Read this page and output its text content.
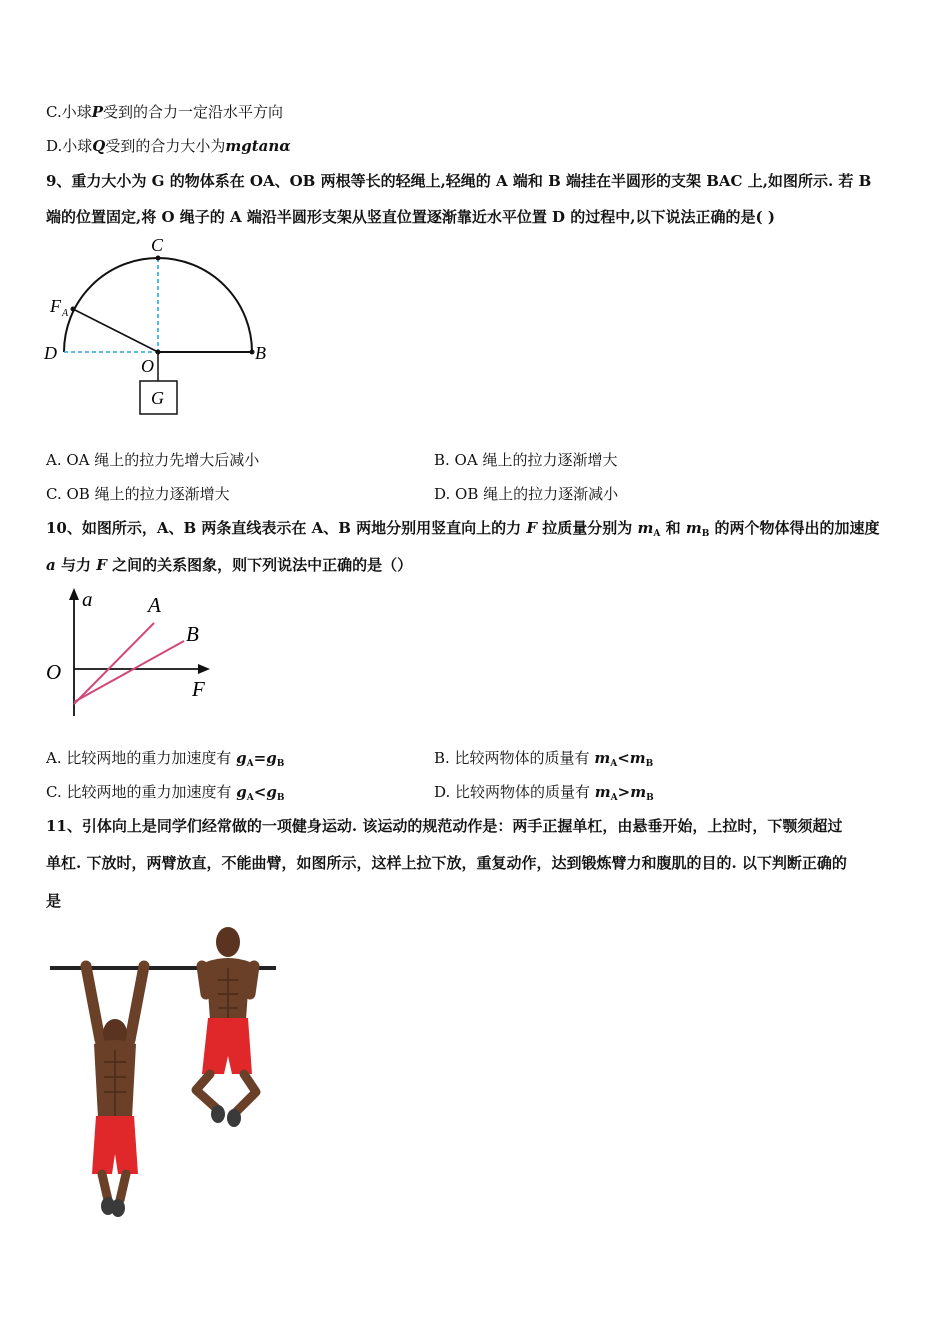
C.小球P受到的合力一定沿水平方向
D.小球Q受到的合力大小为mgtanα
9、重力大小为 G 的物体系在 OA、OB 两根等长的轻绳上,轻绳的 A 端和 B 端挂在半圆形的支架 BAC 上,如图所示. 若 B
端的位置固定,将 O 绳子的 A 端沿半圆形支架从竖直位置逐渐靠近水平位置 D 的过程中,以下说法正确的是( )
C
F A
D
O
B
G
A. OA 绳上的拉力先增大后减小	B. OA 绳上的拉力逐渐增大
C. OB 绳上的拉力逐渐增大	D. OB 绳上的拉力逐渐减小
10、如图所示，A、B 两条直线表示在 A、B 两地分别用竖直向上的力 F 拉质量分别为 $m_A$ 和 $m_B$ 的两个物体得出的加速度
a 与力 F 之间的关系图象，则下列说法中正确的是（）
a	A
B
O
F
A. 比较两地的重力加速度有 $g_A=g_B$	B. 比较两物体的质量有 $m_A<m_B$
C. 比较两地的重力加速度有 $g_A<g_B$	D. 比较两物体的质量有 $m_A>m_B$
11、引体向上是同学们经常做的一项健身运动. 该运动的规范动作是：两手正握单杠，由悬垂开始，上拉时，下颚须超过
单杠. 下放时，两臂放直，不能曲臂，如图所示，这样上拉下放，重复动作，达到锻炼臂力和腹肌的目的. 以下判断正确的
是
